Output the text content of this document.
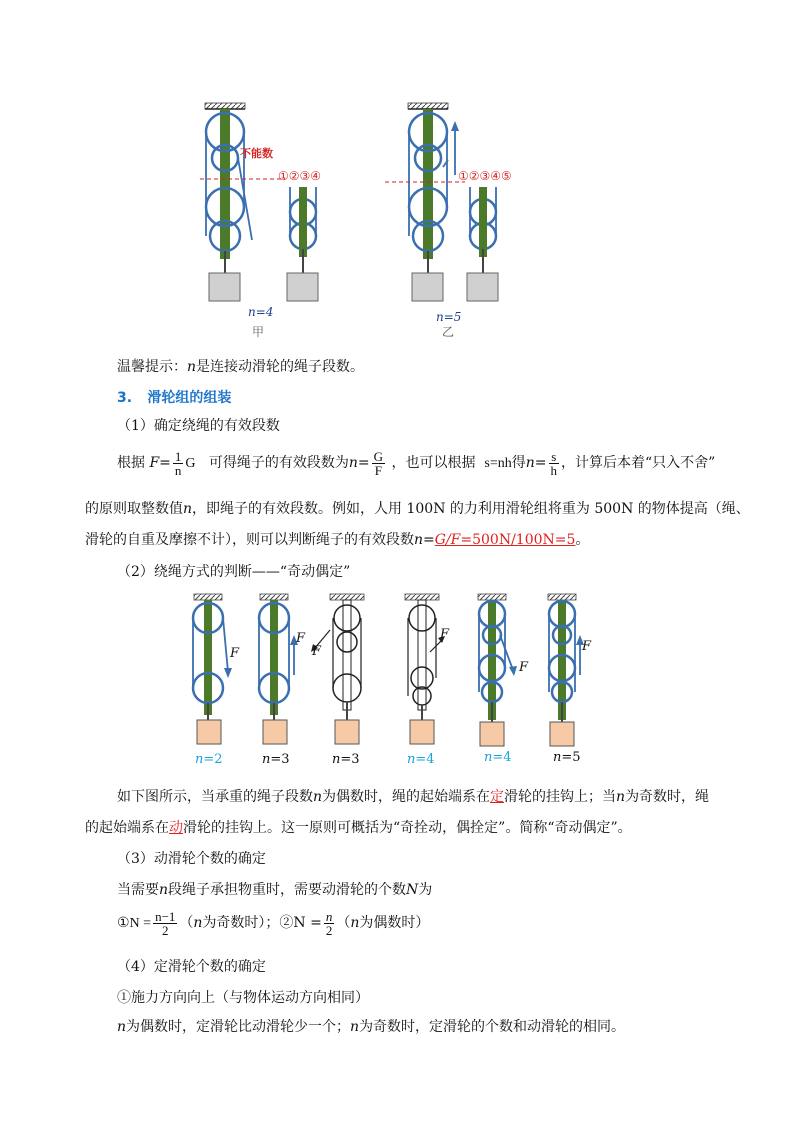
不能数
①②③④	①②③④⑤
n=4
甲
n=5
乙
温馨提示：n是连接动滑轮的绳子段数。
3. 滑轮组的组装
（1）确定绕绳的有效段数
根据 $F= \frac{1}{n}$ G 可得绳子的有效段数为$n= \frac{G}{F}$ ，也可以根据 s=nh得$n= \frac{s}{h}$ ，计算后本着“只入不舍”
的原则取整数值n，即绳子的有效段数。例如，人用 100N 的力利用滑轮组将重为 500N 的物体提高（绳、
滑轮的自重及摩擦不计），则可以判断绳子的有效段数n=G/F=500N/100N=5。
（2）绕绳方式的判断——“奇动偶定”
F
F
F
F
F
F
n=2	n=3	n=3	n=4	n=4	n=5
如下图所示，当承重的绳子段数n为偶数时，绳的起始端系在定滑轮的挂钩上；当n为奇数时，绳
的起始端系在动滑轮的挂钩上。这一原则可概括为“奇拴动，偶拴定”。简称“奇动偶定”。
（3）动滑轮个数的确定
当需要n段绳子承担物重时，需要动滑轮的个数N为
①N = $\frac{n-1}{2} (n$为奇数时）；②N = $\frac{n}{2} (n$为偶数时）
（4）定滑轮个数的确定
①施力方向向上（与物体运动方向相同）
n为偶数时，定滑轮比动滑轮少一个；n为奇数时，定滑轮的个数和动滑轮的相同。
